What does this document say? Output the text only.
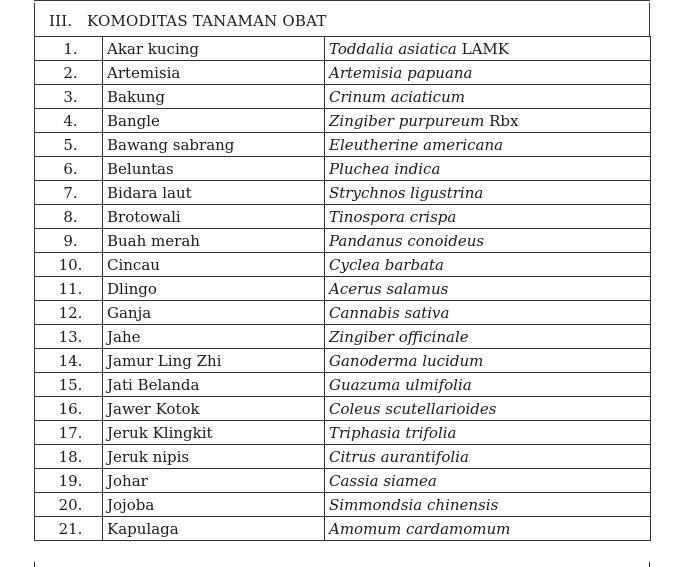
III. KOMODITAS TANAMAN OBAT
1.	Akar kucing	Toddalia asiatica LAMK
2.	Artemisia	Artemisia papuana
3.	Bakung	Crinum aciaticum
4.	Bangle	Zingiber purpureum Rbx
5.	Bawang sabrang	Eleutherine americana
6.	Beluntas	Pluchea indica
7.	Bidara laut	Strychnos ligustrina
8.	Brotowali	Tinospora crispa
9.	Buah merah	Pandanus conoideus
10.	Cincau	Cyclea barbata
11.	Dlingo	Acerus salamus
12.	Ganja	Cannabis sativa
13.	Jahe	Zingiber officinale
14.	Jamur Ling Zhi	Ganoderma lucidum
15.	Jati Belanda	Guazuma ulmifolia
16.	Jawer Kotok	Coleus scutellarioides
17.	Jeruk Klingkit	Triphasia trifolia
18.	Jeruk nipis	Citrus aurantifolia
19.	Johar	Cassia siamea
20.	Jojoba	Simmondsia chinensis
21.	Kapulaga	Amomum cardamomum
